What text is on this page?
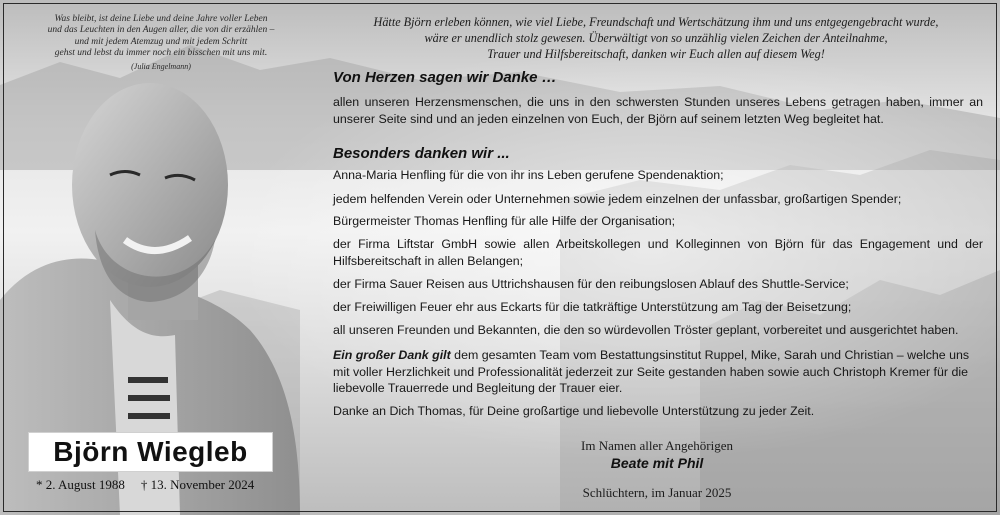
Was bleibt, ist deine Liebe und deine Jahre voller Leben
und das Leuchten in den Augen aller, die von dir erzählen –
und mit jedem Atemzug und mit jedem Schritt
gehst und lebst du immer noch ein bisschen mit uns mit.
(Julia Engelmann)
Björn Wiegleb
* 2. August 1988 † 13. November 2024
Hätte Björn erleben können, wie viel Liebe, Freundschaft und Wertschätzung ihm und uns entgegengebracht wurde,
wäre er unendlich stolz gewesen. Überwältigt von so unzählig vielen Zeichen der Anteilnahme,
Trauer und Hilfsbereitschaft, danken wir Euch allen auf diesem Weg!
Von Herzen sagen wir Danke …
allen unseren Herzensmenschen, die uns in den schwersten Stunden unseres Lebens getragen haben, immer an unserer Seite sind und an jeden einzelnen von Euch, der Björn auf seinem letzten Weg begleitet hat.
Besonders danken wir ...
Anna-Maria Henfling für die von ihr ins Leben gerufene Spendenaktion;
jedem helfenden Verein oder Unternehmen sowie jedem einzelnen der unfassbar, großartigen Spender;
Bürgermeister Thomas Henfling für alle Hilfe der Organisation;
der Firma Liftstar GmbH sowie allen Arbeitskollegen und Kolleginnen von Björn für das Engagement und der Hilfsbereitschaft in allen Belangen;
der Firma Sauer Reisen aus Uttrichshausen für den reibungslosen Ablauf des Shuttle-Service;
der Freiwilligen Feuer ehr aus Eckarts für die tatkräftige Unterstützung am Tag der Beisetzung;
all unseren Freunden und Bekannten, die den so würdevollen Tröster geplant, vorbereitet und ausgerichtet haben.
Ein großer Dank gilt dem gesamten Team vom Bestattungsinstitut Ruppel, Mike, Sarah und Christian – welche uns mit voller Herzlichkeit und Professionalität jederzeit zur Seite gestanden haben sowie auch Christoph Kremer für die liebevolle Trauerrede und Begleitung der Trauer eier.
Danke an Dich Thomas, für Deine großartige und liebevolle Unterstützung zu jeder Zeit.
Im Namen aller Angehörigen
Beate mit Phil
Schlüchtern, im Januar 2025
